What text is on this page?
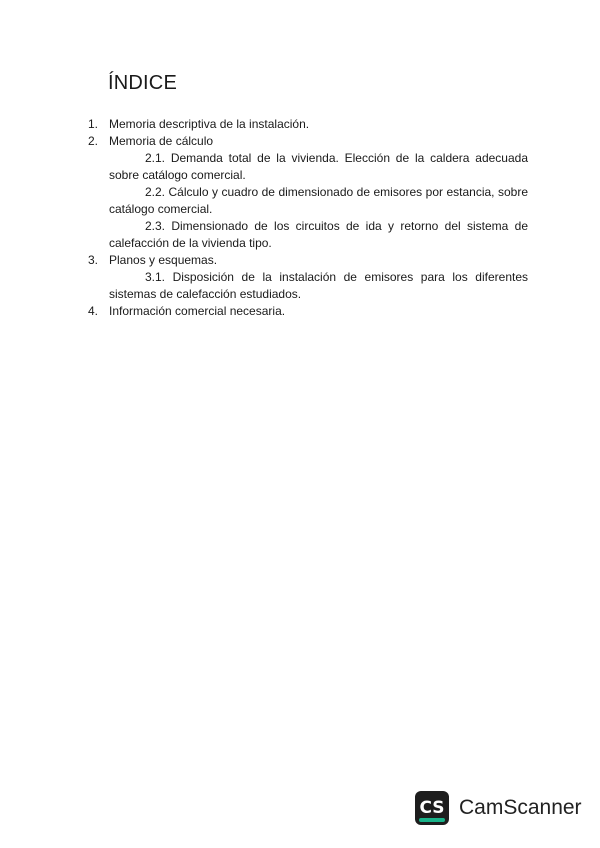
ÍNDICE
1. Memoria descriptiva de la instalación.
2. Memoria de cálculo
2.1. Demanda total de la vivienda. Elección de la caldera adecuada sobre catálogo comercial.
2.2. Cálculo y cuadro de dimensionado de emisores por estancia, sobre catálogo comercial.
2.3. Dimensionado de los circuitos de ida y retorno del sistema de calefacción de la vivienda tipo.
3. Planos y esquemas.
3.1. Disposición de la instalación de emisores para los diferentes sistemas de calefacción estudiados.
4. Información comercial necesaria.
CS CamScanner
